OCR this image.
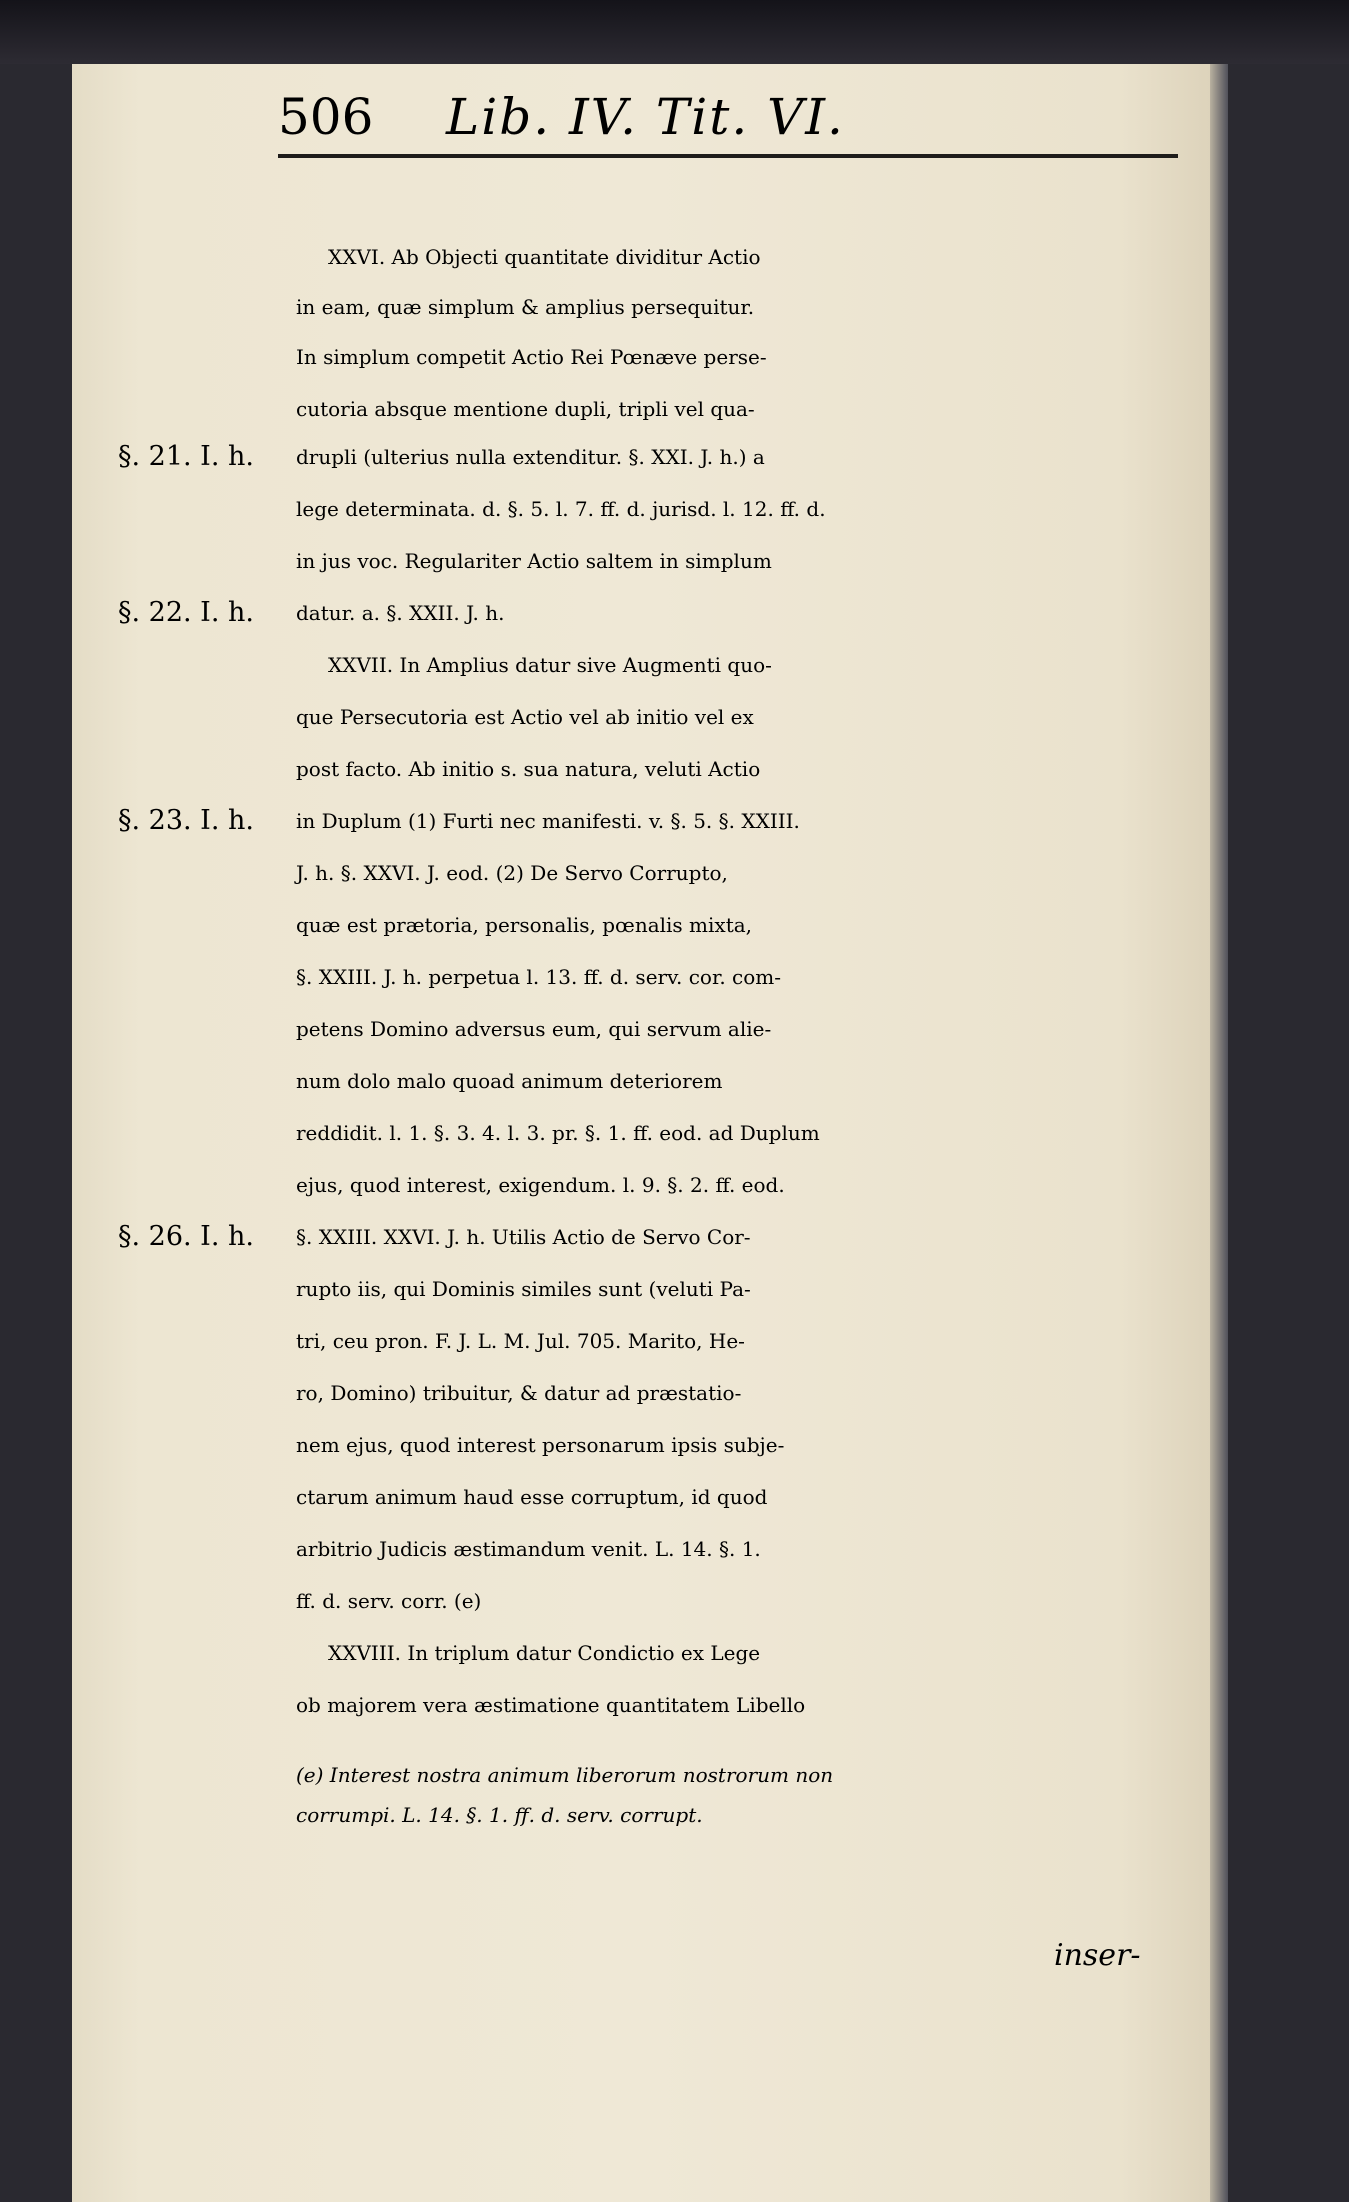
506 Lib. IV. Tit. VI.
XXVI. Ab Objecti quantitate dividitur Actio
in eam, quæ simplum & amplius persequitur.
In simplum competit Actio Rei Pœnæve perse-
cutoria absque mentione dupli, tripli vel qua-
drupli (ulterius nulla extenditur. §. XXI. J. h.) a
lege determinata. d. §. 5. l. 7. ff. d. jurisd. l. 12. ff. d.
in jus voc. Regulariter Actio saltem in simplum
datur. a. §. XXII. J. h.
XXVII. In Amplius datur sive Augmenti quo-
que Persecutoria est Actio vel ab initio vel ex
post facto. Ab initio s. sua natura, veluti Actio
in Duplum (1) Furti nec manifesti. v. §. 5. §. XXIII.
J. h. §. XXVI. J. eod. (2) De Servo Corrupto,
quæ est prætoria, personalis, pœnalis mixta,
§. XXIII. J. h. perpetua l. 13. ff. d. serv. cor. com-
petens Domino adversus eum, qui servum alie-
num dolo malo quoad animum deteriorem
reddidit. l. 1. §. 3. 4. l. 3. pr. §. 1. ff. eod. ad Duplum
ejus, quod interest, exigendum. l. 9. §. 2. ff. eod.
§. XXIII. XXVI. J. h. Utilis Actio de Servo Cor-
rupto iis, qui Dominis similes sunt (veluti Pa-
tri, ceu pron. F. J. L. M. Jul. 705. Marito, He-
ro, Domino) tribuitur, & datur ad præstatio-
nem ejus, quod interest personarum ipsis subje-
ctarum animum haud esse corruptum, id quod
arbitrio Judicis æstimandum venit. L. 14. §. 1.
ff. d. serv. corr. (e)
XXVIII. In triplum datur Condictio ex Lege
ob majorem vera æstimatione quantitatem Libello
§. 21. I. h.
§. 22. I. h.
§. 23. I. h.
§. 26. I. h.
(e) Interest nostra animum liberorum nostrorum non
corrumpi. L. 14. §. 1. ff. d. serv. corrupt.
inser-
